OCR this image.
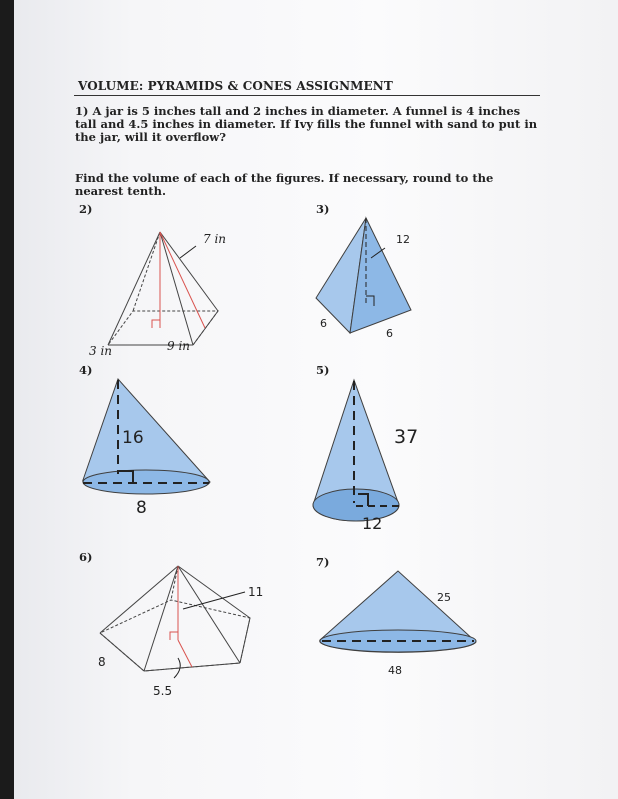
VOLUME: PYRAMIDS & CONES ASSIGNMENT
1) A jar is 5 inches tall and 2 inches in diameter. A funnel is 4 inches tall and 4.5 inches in diameter. If Ivy fills the funnel with sand to put in the jar, will it overflow?
Find the volume of each of the figures. If necessary, round to the nearest tenth.
2)	3)
4)	5)
6)	7)
7 in
3 in	9 in
12
6
6
16
8
37
12
11
8
5.5
25
48
